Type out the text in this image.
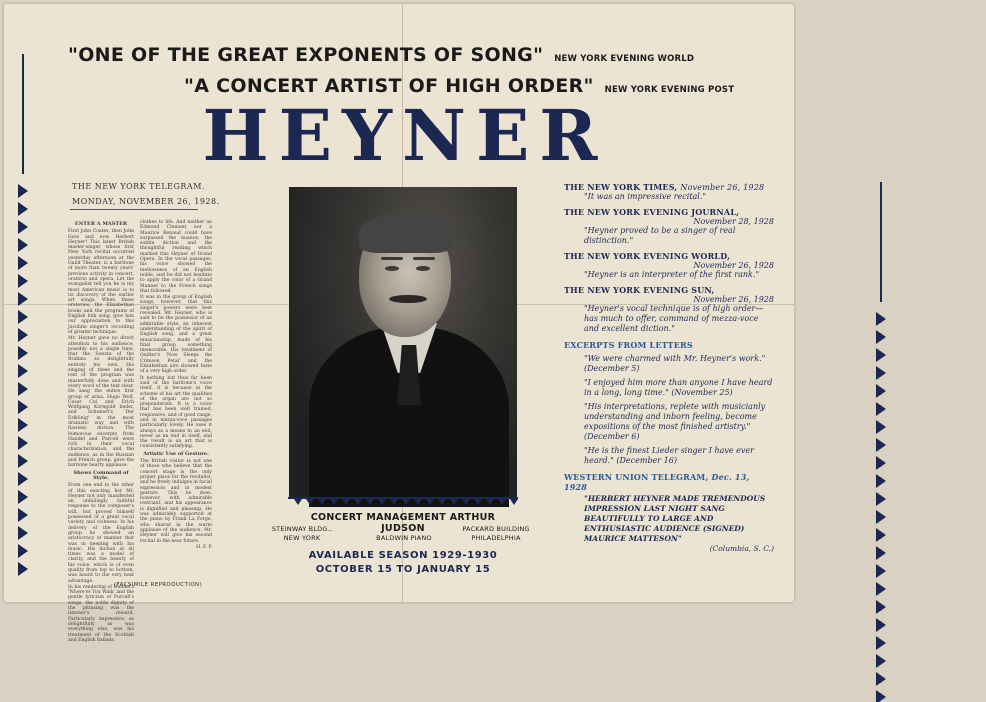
"ONE OF THE GREAT EXPONENTS OF SONG" NEW YORK EVENING WORLD
"A CONCERT ARTIST OF HIGH ORDER" NEW YORK EVENING POST
HEYNER
THE NEW YORK TELEGRAM.
MONDAY, NOVEMBER 26, 1928.
ENTER A MASTER

First John Coates, then John Goss and now Herbert Heyner! This latest British master-singer, whose first New York recital occurred yesterday afternoon at the Guild Theater, is a baritone of more than twenty years' previous activity in concert, oratorio and opera. Let the evangelist tell you he is my most American music is to its discovery of the earlier art songs. When these oratories, the Elizabethan books and the programs of English folk song, give him our appreciation to this Jacobite singer's recording of greater technique.

Mr. Heyner gave no direct attention to his audience, possibly not a single time, that the Sonata of the Brahms so delightfully entirely his own. His singing of these and the rest of the program was masterfully done and with every word of the text clear. He sang the entire first group of arias, Hugo Wolf, Cesar Cui and Erich Wolfgang Korngold lieder, and Schubert's 'Der Erlkönig' in the most dramatic way and with flawless diction. The humorous excerpts from Handel and Purcell were rich in their vocal characterization, and the audience, as in the Russian and French group, gave the baritone hearty applause.

Shows Command of Style.

From one end to the other of this exacting list Mr. Heyner not only manifested an unfailingly faithful response to the composer's will, but proved himself possessed of a great vocal variety and richness. In his delivery of the English group he showed an aristocracy of manner that was in keeping with his music. His diction at all times was a model of clarity, and the beauty of his voice, which is of even quality from top to bottom, was heard to the very best advantage.

In his rendering of Handel's 'Where'er You Walk' and the gentle lyricism of Purcell's songs, the noble dignity of the phrasing was the listener's reward. Particularly impressive, as delightfully as was everything else, was his treatment of the Scottish and English ballads.

clothes to life. And neither an Edmond Clement nor a Maurice Renaud could have surpassed the nuance, the subtle diction and the thoughtful reading which marked this Heyner of Grand Opera. In the vocal passages, his voice showed the mellowness of an English noble, and he did not hesitate to apply the color of a Grand Manner to the French songs that followed.

It was in the group of English songs, however, that this singer's powers were best revealed. Mr. Heyner, who is said to be the possessor of an admirable style, an inherent understanding of the spirit of English song, and a great musicianship, made of his final group something memorable. His treatment of Quilter's 'Now Sleeps the Crimson Petal' and the Elizabethan airs showed taste of a very high order.

It nothing but thus far been said of the baritone's voice itself, it is because in the scheme of his art the qualities of the organ are not so preponderant. It is a voice that has been well trained, responsive, and of good range, and in mezza-voce passages particularly lovely. He uses it always as a means to an end, never as an end in itself, and the result is an art that is consistently satisfying.

Artistic Use of Gesture.

The British visitor is not one of those who believe that the concert stage is the only proper place for the recitalist, and he freely indulges in facial expression and in modest gesture. This he does, however, with admirable restraint, and his appearance is dignified and pleasing. He was admirably supported at the piano by Frank La Forge, who shared in the warm applause of the audience. Mr. Heyner will give his second recital in the near future.

H. F. P.

(FACSIMILE REPRODUCTION)
CONCERT MANAGEMENT ARTHUR JUDSON
STEINWAY BLDG.,
NEW YORK	BALDWIN PIANO
PACKARD BUILDING
PHILADELPHIA
AVAILABLE SEASON 1929-1930
OCTOBER 15 TO JANUARY 15
THE NEW YORK TIMES, November 26, 1928
"It was an impressive recital."
THE NEW YORK EVENING JOURNAL,
November 28, 1928
"Heyner proved to be a singer of real distinction."
THE NEW YORK EVENING WORLD,
November 26, 1928
"Heyner is an interpreter of the first rank."
THE NEW YORK EVENING SUN,
November 26, 1928
"Heyner's vocal technique is of high order—has much to offer, command of mezza-voce and excellent diction."
EXCERPTS FROM LETTERS
"We were charmed with Mr. Heyner's work."
(December 5)
"I enjoyed him more than anyone I have heard in a long, long time." (November 25)
"His interpretations, replete with musicianly understanding and inborn feeling, become expositions of the most finished artistry."
(December 6)
"He is the finest Lieder singer I have ever heard." (December 16)
WESTERN UNION TELEGRAM, Dec. 13, 1928
"HERBERT HEYNER MADE TREMENDOUS IMPRESSION LAST NIGHT SANG BEAUTIFULLY TO LARGE AND ENTHUSIASTIC AUDIENCE (SIGNED) MAURICE MATTESON"
(Columbia, S. C.)
